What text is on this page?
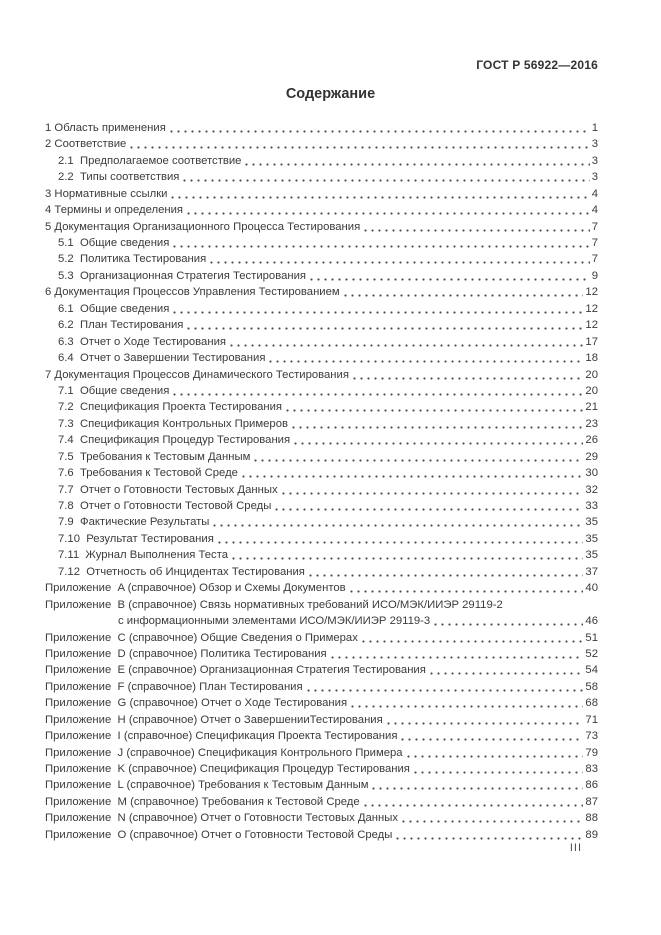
ГОСТ Р 56922—2016
Содержание
1 Область применения	1
2 Соответствие	3
2.1  Предполагаемое соответствие	3
2.2  Типы соответствия	3
3 Нормативные ссылки	4
4 Термины и определения	4
5 Документация Организационного Процесса Тестирования	7
5.1  Общие сведения	7
5.2  Политика Тестирования	7
5.3  Организационная Стратегия Тестирования	9
6 Документация Процессов Управления Тестированием	12
6.1  Общие сведения	12
6.2  План Тестирования	12
6.3  Отчет о Ходе Тестирования	17
6.4  Отчет о Завершении Тестирования	18
7 Документация Процессов Динамического Тестирования	20
7.1  Общие сведения	20
7.2  Спецификация Проекта Тестирования	21
7.3  Спецификация Контрольных Примеров	23
7.4  Спецификация Процедур Тестирования	26
7.5  Требования к Тестовым Данным	29
7.6  Требования к Тестовой Среде	30
7.7  Отчет о Готовности Тестовых Данных	32
7.8  Отчет о Готовности Тестовой Среды	33
7.9  Фактические Результаты	35
7.10  Результат Тестирования	35
7.11  Журнал Выполнения Теста	35
7.12  Отчетность об Инцидентах Тестирования	37
Приложение  A (справочное) Обзор и Схемы Документов	40
Приложение  B (справочное) Связь нормативных требований ИСО/МЭК/ИИЭР 29119-2
с информационными элементами ИСО/МЭК/ИИЭР 29119-3	46
Приложение  C (справочное) Общие Сведения о Примерах	51
Приложение  D (справочное) Политика Тестирования	52
Приложение  E (справочное) Организационная Стратегия Тестирования	54
Приложение  F (справочное) План Тестирования	58
Приложение  G (справочное) Отчет о Ходе Тестирования	68
Приложение  H (справочное) Отчет о ЗавершенииТестирования	71
Приложение  I (справочное) Спецификация Проекта Тестирования	73
Приложение  J (справочное) Спецификация Контрольного Примера	79
Приложение  K (справочное) Спецификация Процедур Тестирования	83
Приложение  L (справочное) Требования к Тестовым Данным	86
Приложение  M (справочное) Требования к Тестовой Среде	87
Приложение  N (справочное) Отчет о Готовности Тестовых Данных	88
Приложение  O (справочное) Отчет о Готовности Тестовой Среды	89
III
